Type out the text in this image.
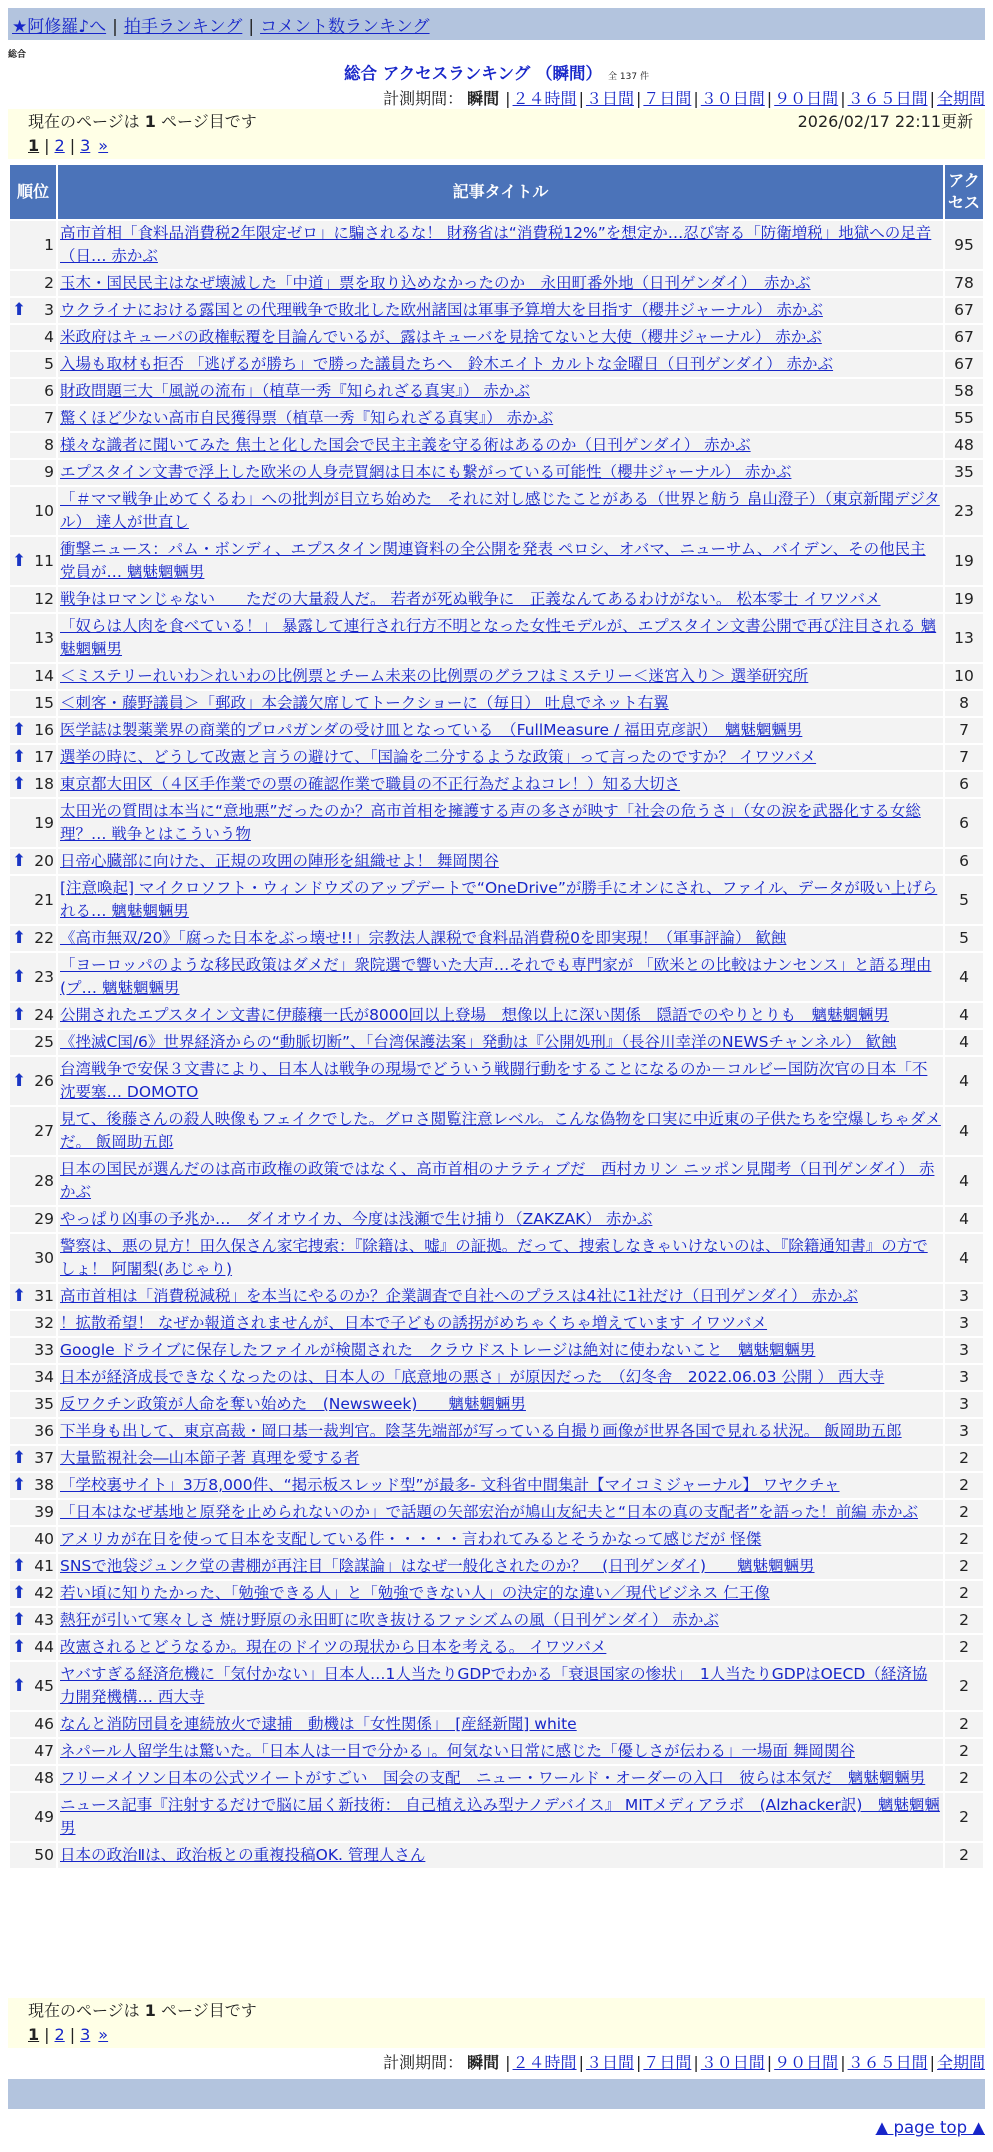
★阿修羅♪へ | 拍手ランキング | コメント数ランキング
総合
総合 アクセスランキング （瞬間） 全 137 件
計測期間： 瞬間 | ２４時間 | ３日間 | ７日間 | ３０日間 | ９０日間 | ３６５日間 | 全期間
現在のページは 1 ページ目です	2026/02/17 22:11更新
1 | 2 | 3 »
順位	記事タイトル	アクセス
1	高市首相「食料品消費税2年限定ゼロ」に騙されるな！ 財務省は“消費税12%”を想定か…忍び寄る「防衛増税」地獄への足音（日… 赤かぶ	95
2	玉木・国民民主はなぜ壊滅した「中道」票を取り込めなかったのか　永田町番外地（日刊ゲンダイ）　赤かぶ	78

⬆ 3	ウクライナにおける露国との代理戦争で敗北した欧州諸国は軍事予算増大を目指す（櫻井ジャーナル） 赤かぶ	67
4	米政府はキューバの政権転覆を目論んでいるが、露はキューバを見捨てないと大使（櫻井ジャーナル） 赤かぶ	67
5	入場も取材も拒否 「逃げるが勝ち」で勝った議員たちへ　鈴木エイト カルトな金曜日（日刊ゲンダイ） 赤かぶ	67
6	財政問題三大「風説の流布」（植草一秀『知られざる真実』） 赤かぶ	58
7	驚くほど少ない高市自民獲得票（植草一秀『知られざる真実』） 赤かぶ	55
8	様々な識者に聞いてみた 焦土と化した国会で民主主義を守る術はあるのか（日刊ゲンダイ） 赤かぶ	48
9	エプスタイン文書で浮上した欧米の人身売買網は日本にも繋がっている可能性（櫻井ジャーナル） 赤かぶ	35
10	「＃ママ戦争止めてくるわ」への批判が目立ち始めた　それに対し感じたことがある（世界と舫う 畠山澄子）（東京新聞デジタル） 達人が世直し	23

⬆ 11	衝撃ニュース：パム・ボンディ、エプスタイン関連資料の全公開を発表 ペロシ、オバマ、ニューサム、バイデン、その他民主党員が… 魑魅魍魎男	19
12	戦争はロマンじゃない　　ただの大量殺人だ。 若者が死ぬ戦争に　正義なんてあるわけがない。 松本零士 イワツバメ	19
13	「奴らは人肉を食べている！」 暴露して連行され行方不明となった女性モデルが、エプスタイン文書公開で再び注目される 魑魅魍魎男	13
14	＜ミステリーれいわ＞れいわの比例票とチーム未来の比例票のグラフはミステリー＜迷宮入り＞ 選挙研究所	10
15	＜刺客・藤野議員＞「郵政」本会議欠席してトークショーに（毎日） 吐息でネット右翼	8

⬆ 16	医学誌は製薬業界の商業的プロパガンダの受け皿となっている　（FullMeasure / 福田克彦訳）　魑魅魍魎男	7

⬆ 17	選挙の時に、どうして改憲と言うの避けて、「国論を二分するような政策」って言ったのですか？ イワツバメ	7

⬆ 18	東京都大田区（４区手作業での票の確認作業で職員の不正行為だよねコレ！）知る大切さ	6
19	太田光の質問は本当に“意地悪”だったのか？高市首相を擁護する声の多さが映す「社会の危うさ」（女の涙を武器化する女総理？… 戦争とはこういう物	6

⬆ 20	日帝心臓部に向けた、正規の攻囲の陣形を組織せよ！ 舞岡関谷	6
21	[注意喚起] マイクロソフト・ウィンドウズのアップデートで“OneDrive”が勝手にオンにされ、ファイル、データが吸い上げられる… 魑魅魍魎男	5

⬆ 22	《高市無双/20》「腐った日本をぶっ壊せ!!」宗教法人課税で食料品消費税0を即実現！（軍事評論） 歓蝕	5

⬆ 23	「ヨーロッパのような移民政策はダメだ」衆院選で響いた大声…それでも専門家が 「欧米との比較はナンセンス」と語る理由 (プ… 魑魅魍魎男	4

⬆ 24	公開されたエプスタイン文書に伊藤穰一氏が8000回以上登場　想像以上に深い関係　隠語でのやりとりも　魑魅魍魎男	4
25	《挫滅C国/6》世界経済からの“動脈切断”、「台湾保護法案」発動は『公開処刑』（長谷川幸洋のNEWSチャンネル） 歓蝕	4

⬆ 26	台湾戦争で安保３文書により、日本人は戦争の現場でどういう戦闘行動をすることになるのか－コルビー国防次官の日本「不沈要塞… DOMOTO	4
27	見て、後藤さんの殺人映像もフェイクでした。グロさ閲覧注意レベル。こんな偽物を口実に中近東の子供たちを空爆しちゃダメだ。 飯岡助五郎	4
28	日本の国民が選んだのは高市政権の政策ではなく、高市首相のナラティブだ　西村カリン ニッポン見聞考（日刊ゲンダイ） 赤かぶ	4
29	やっぱり凶事の予兆か…　ダイオウイカ、今度は浅瀬で生け捕り（ZAKZAK） 赤かぶ	4
30	警察は、悪の見方！田久保さん家宅捜索：『除籍は、嘘』の証拠。だって、捜索しなきゃいけないのは、『除籍通知書』の方でしょ！ 阿闍梨(あじゃり)	4

⬆ 31	高市首相は「消費税減税」を本当にやるのか？企業調査で自社へのプラスは4社に1社だけ（日刊ゲンダイ） 赤かぶ	3
32	！拡散希望！ なぜか報道されませんが、日本で子どもの誘拐がめちゃくちゃ増えています イワツバメ	3
33	Google ドライブに保存したファイルが検閲された　クラウドストレージは絶対に使わないこと　魑魅魍魎男	3
34	日本が経済成長できなくなったのは、日本人の「底意地の悪さ」が原因だった　（幻冬舎　2022.06.03 公開 ） 西大寺	3
35	反ワクチン政策が人命を奪い始めた　(Newsweek)　　魑魅魍魎男	3
36	下半身も出して、東京高裁・岡口基一裁判官。陰茎先端部が写っている自撮り画像が世界各国で見れる状況。 飯岡助五郎	3

⬆ 37	大量監視社会―山本節子著 真理を愛する者	2

⬆ 38	「学校裏サイト」3万8,000件、“掲示板スレッド型”が最多- 文科省中間集計【マイコミジャーナル】 ワヤクチャ	2
39	「日本はなぜ基地と原発を止められないのか」で話題の矢部宏治が鳩山友紀夫と“日本の真の支配者”を語った！前編 赤かぶ	2
40	アメリカが在日を使って日本を支配している件・・・・・言われてみるとそうかなって感じだが 怪傑	2

⬆ 41	SNSで池袋ジュンク堂の書棚が再注目「陰謀論」はなぜ一般化されたのか？　(日刊ゲンダイ)　　魑魅魍魎男	2

⬆ 42	若い頃に知りたかった、「勉強できる人」と「勉強できない人」の決定的な違い／現代ビジネス 仁王像	2

⬆ 43	熱狂が引いて寒々しさ 焼け野原の永田町に吹き抜けるファシズムの風（日刊ゲンダイ） 赤かぶ	2

⬆ 44	改憲されるとどうなるか。現在のドイツの現状から日本を考える。 イワツバメ	2

⬆ 45	ヤバすぎる経済危機に「気付かない」日本人…1人当たりGDPでわかる「衰退国家の惨状」　1人当たりGDPはOECD（経済協力開発機構… 西大寺	2
46	なんと消防団員を連続放火で逮捕　動機は「女性関係」　[産経新聞] white	2
47	ネパール人留学生は驚いた。「日本人は一目で分かる」。何気ない日常に感じた「優しさが伝わる」一場面 舞岡関谷	2
48	フリーメイソン日本の公式ツイートがすごい　国会の支配　ニュー・ワールド・オーダーの入口　彼らは本気だ　魑魅魍魎男	2
49	ニュース記事『注射するだけで脳に届く新技術： 自己植え込み型ナノデバイス』 MITメディアラボ　(Alzhacker訳)　魑魅魍魎男	2
50	日本の政治Ⅱは、政治板との重複投稿OK. 管理人さん	2
現在のページは 1 ページ目です
1 | 2 | 3 »
計測期間： 瞬間 | ２４時間 | ３日間 | ７日間 | ３０日間 | ９０日間 | ３６５日間 | 全期間
▲ page top ▲
